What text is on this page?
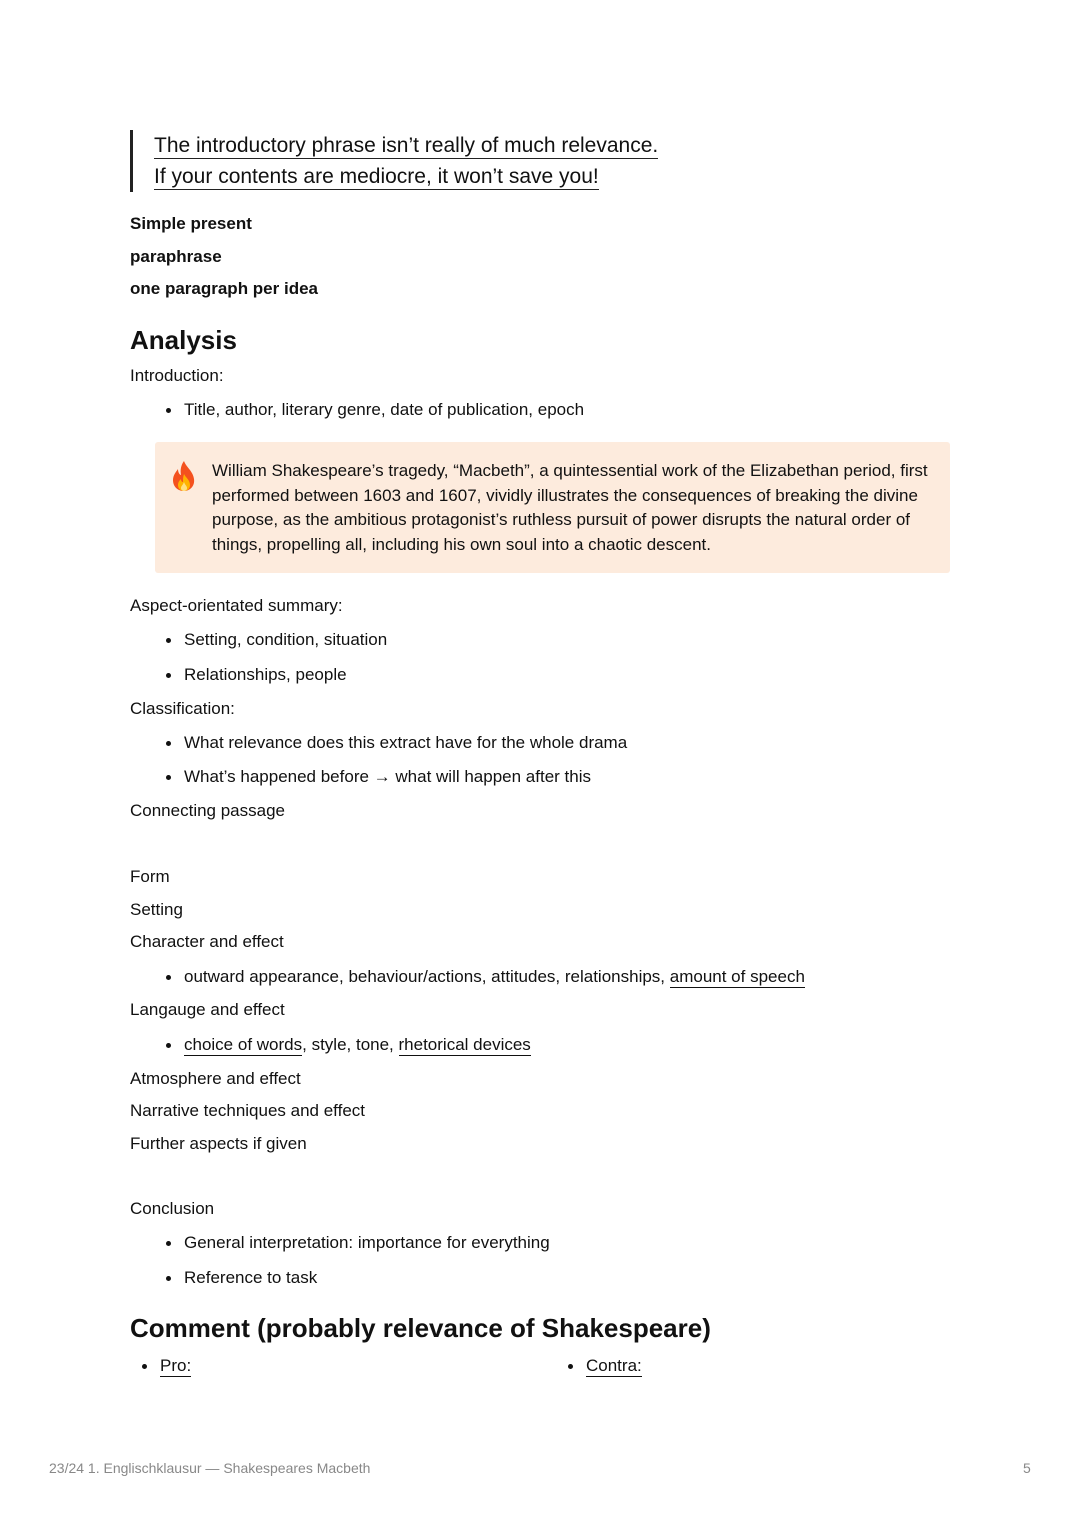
The introductory phrase isn’t really of much relevance.
If your contents are mediocre, it won’t save you!
Simple present
paraphrase
one paragraph per idea
Analysis
Introduction:
Title, author, literary genre, date of publication, epoch
William Shakespeare’s tragedy, “Macbeth”, a quintessential work of the Elizabethan period, first performed between 1603 and 1607, vividly illustrates the consequences of breaking the divine purpose, as the ambitious protagonist’s ruthless pursuit of power disrupts the natural order of things, propelling all, including his own soul into a chaotic descent.
Aspect-orientated summary:
Setting, condition, situation
Relationships, people
Classification:
What relevance does this extract have for the whole drama
What’s happened before → what will happen after this
Connecting passage
Form
Setting
Character and effect
outward appearance, behaviour/actions, attitudes, relationships, amount of speech
Langauge and effect
choice of words, style, tone, rhetorical devices
Atmosphere and effect
Narrative techniques and effect
Further aspects if given
Conclusion
General interpretation: importance for everything
Reference to task
Comment (probably relevance of Shakespeare)
Pro:	Contra:
23/24 1. Englischklausur — Shakespeares Macbeth	5
